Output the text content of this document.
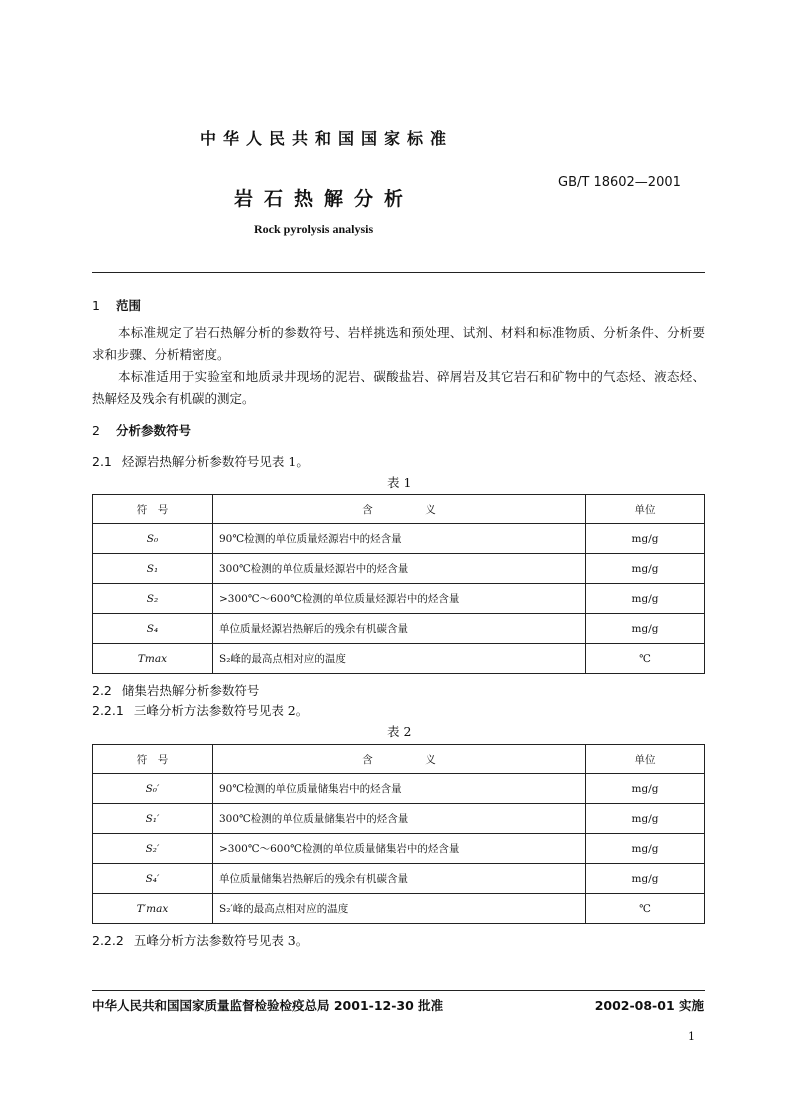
中华人民共和国国家标准
GB/T 18602—2001
岩石热解分析
Rock pyrolysis analysis
1 范围
本标准规定了岩石热解分析的参数符号、岩样挑选和预处理、试剂、材料和标准物质、分析条件、分析要求和步骤、分析精密度。
本标准适用于实验室和地质录井现场的泥岩、碳酸盐岩、碎屑岩及其它岩石和矿物中的气态烃、液态烃、热解烃及残余有机碳的测定。
2 分析参数符号
2.1 烃源岩热解分析参数符号见表 1。
表 1
符　号	含　　　　　义	单位
S₀	90℃检测的单位质量烃源岩中的烃含量	mg/g
S₁	300℃检测的单位质量烃源岩中的烃含量	mg/g
S₂	>300℃～600℃检测的单位质量烃源岩中的烃含量	mg/g
S₄	单位质量烃源岩热解后的残余有机碳含量	mg/g
Tmax	S₂峰的最高点相对应的温度	℃
2.2 储集岩热解分析参数符号
2.2.1 三峰分析方法参数符号见表 2。
表 2
符　号	含　　　　　义	单位
S₀′	90℃检测的单位质量储集岩中的烃含量	mg/g
S₁′	300℃检测的单位质量储集岩中的烃含量	mg/g
S₂′	>300℃～600℃检测的单位质量储集岩中的烃含量	mg/g
S₄′	单位质量储集岩热解后的残余有机碳含量	mg/g
T′max	S₂′峰的最高点相对应的温度	℃
2.2.2 五峰分析方法参数符号见表 3。
中华人民共和国国家质量监督检验检疫总局 2001-12-30 批准	2002-08-01 实施
1
